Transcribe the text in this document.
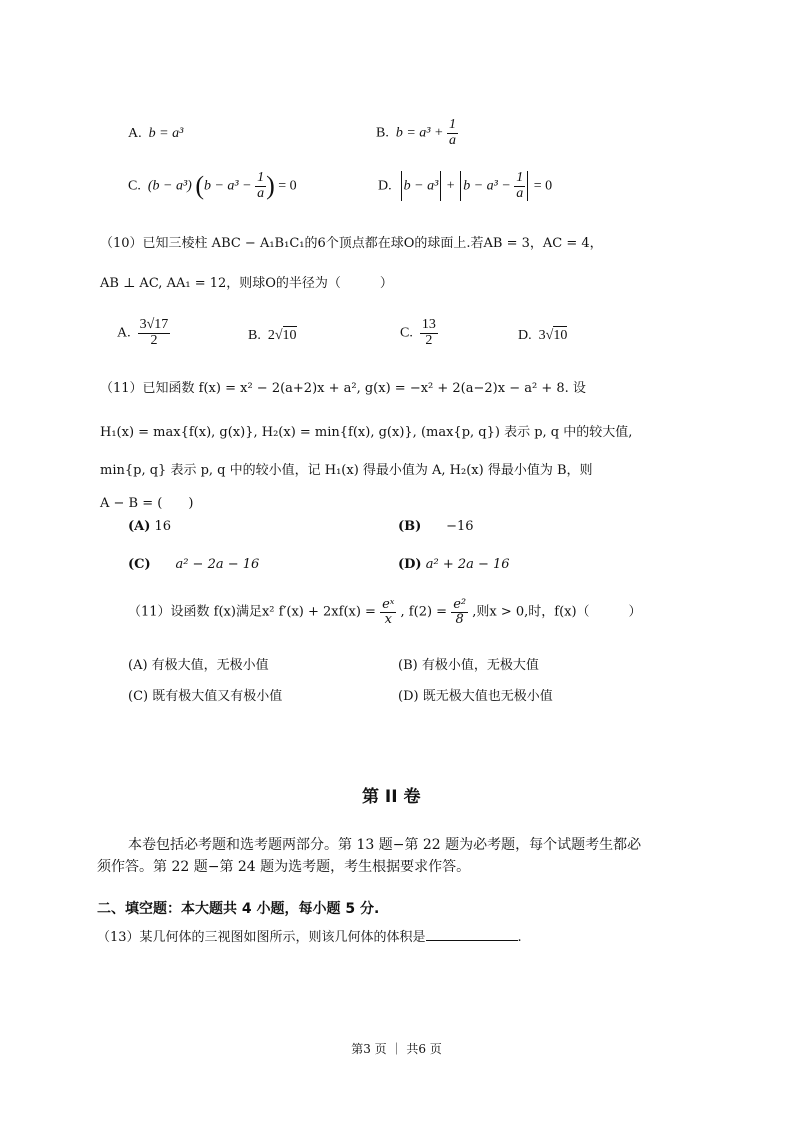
A. b = a³	B. $b = a^3 + \frac{1}{a}$
C. (b − a³) ($b - a^3 - \frac{1}{a}$ ) = 0	D. $b - a^3 + b - a^3 - \frac{1}{a} = 0$
（10）已知三棱柱 ABC − A₁B₁C₁的6个顶点都在球O的球面上.若AB = 3，AC = 4，
AB ⊥ AC, AA₁ = 12，则球O的半径为（　　　）
A. $\frac{3√17}{2}$	B. 2√10	C. $\frac{13}{2}$	D. 3√10
（11）已知函数 f(x) = x² − 2(a+2)x + a², g(x) = −x² + 2(a−2)x − a² + 8. 设
H₁(x) = max{f(x), g(x)}, H₂(x) = min{f(x), g(x)}, (max{p, q}) 表示 p, q 中的较大值,
min{p, q} 表示 p, q 中的较小值，记 H₁(x) 得最小值为 A, H₂(x) 得最小值为 B，则
A − B = (　　)
(A) 16	(B) −16
(C) a² − 2a − 16	(D) a² + 2a − 16
（11）设函数 f(x)满足x² $f'(x) + 2xf(x) = \frac{\text{eˣ}}{x}$ , $f(2) = \frac{\text{e²}}{8}$ ,则x > 0,时，f(x)（　　　）
(A) 有极大值，无极小值	(B) 有极小值，无极大值
(C) 既有极大值又有极小值	(D) 既无极大值也无极小值
第 II 卷
本卷包括必考题和选考题两部分。第 13 题−第 22 题为必考题，每个试题考生都必
须作答。第 22 题−第 24 题为选考题，考生根据要求作答。
二、填空题：本大题共 4 小题，每小题 5 分.
（13）某几何体的三视图如图所示，则该几何体的体积是	.
第3 页 ｜ 共6 页
